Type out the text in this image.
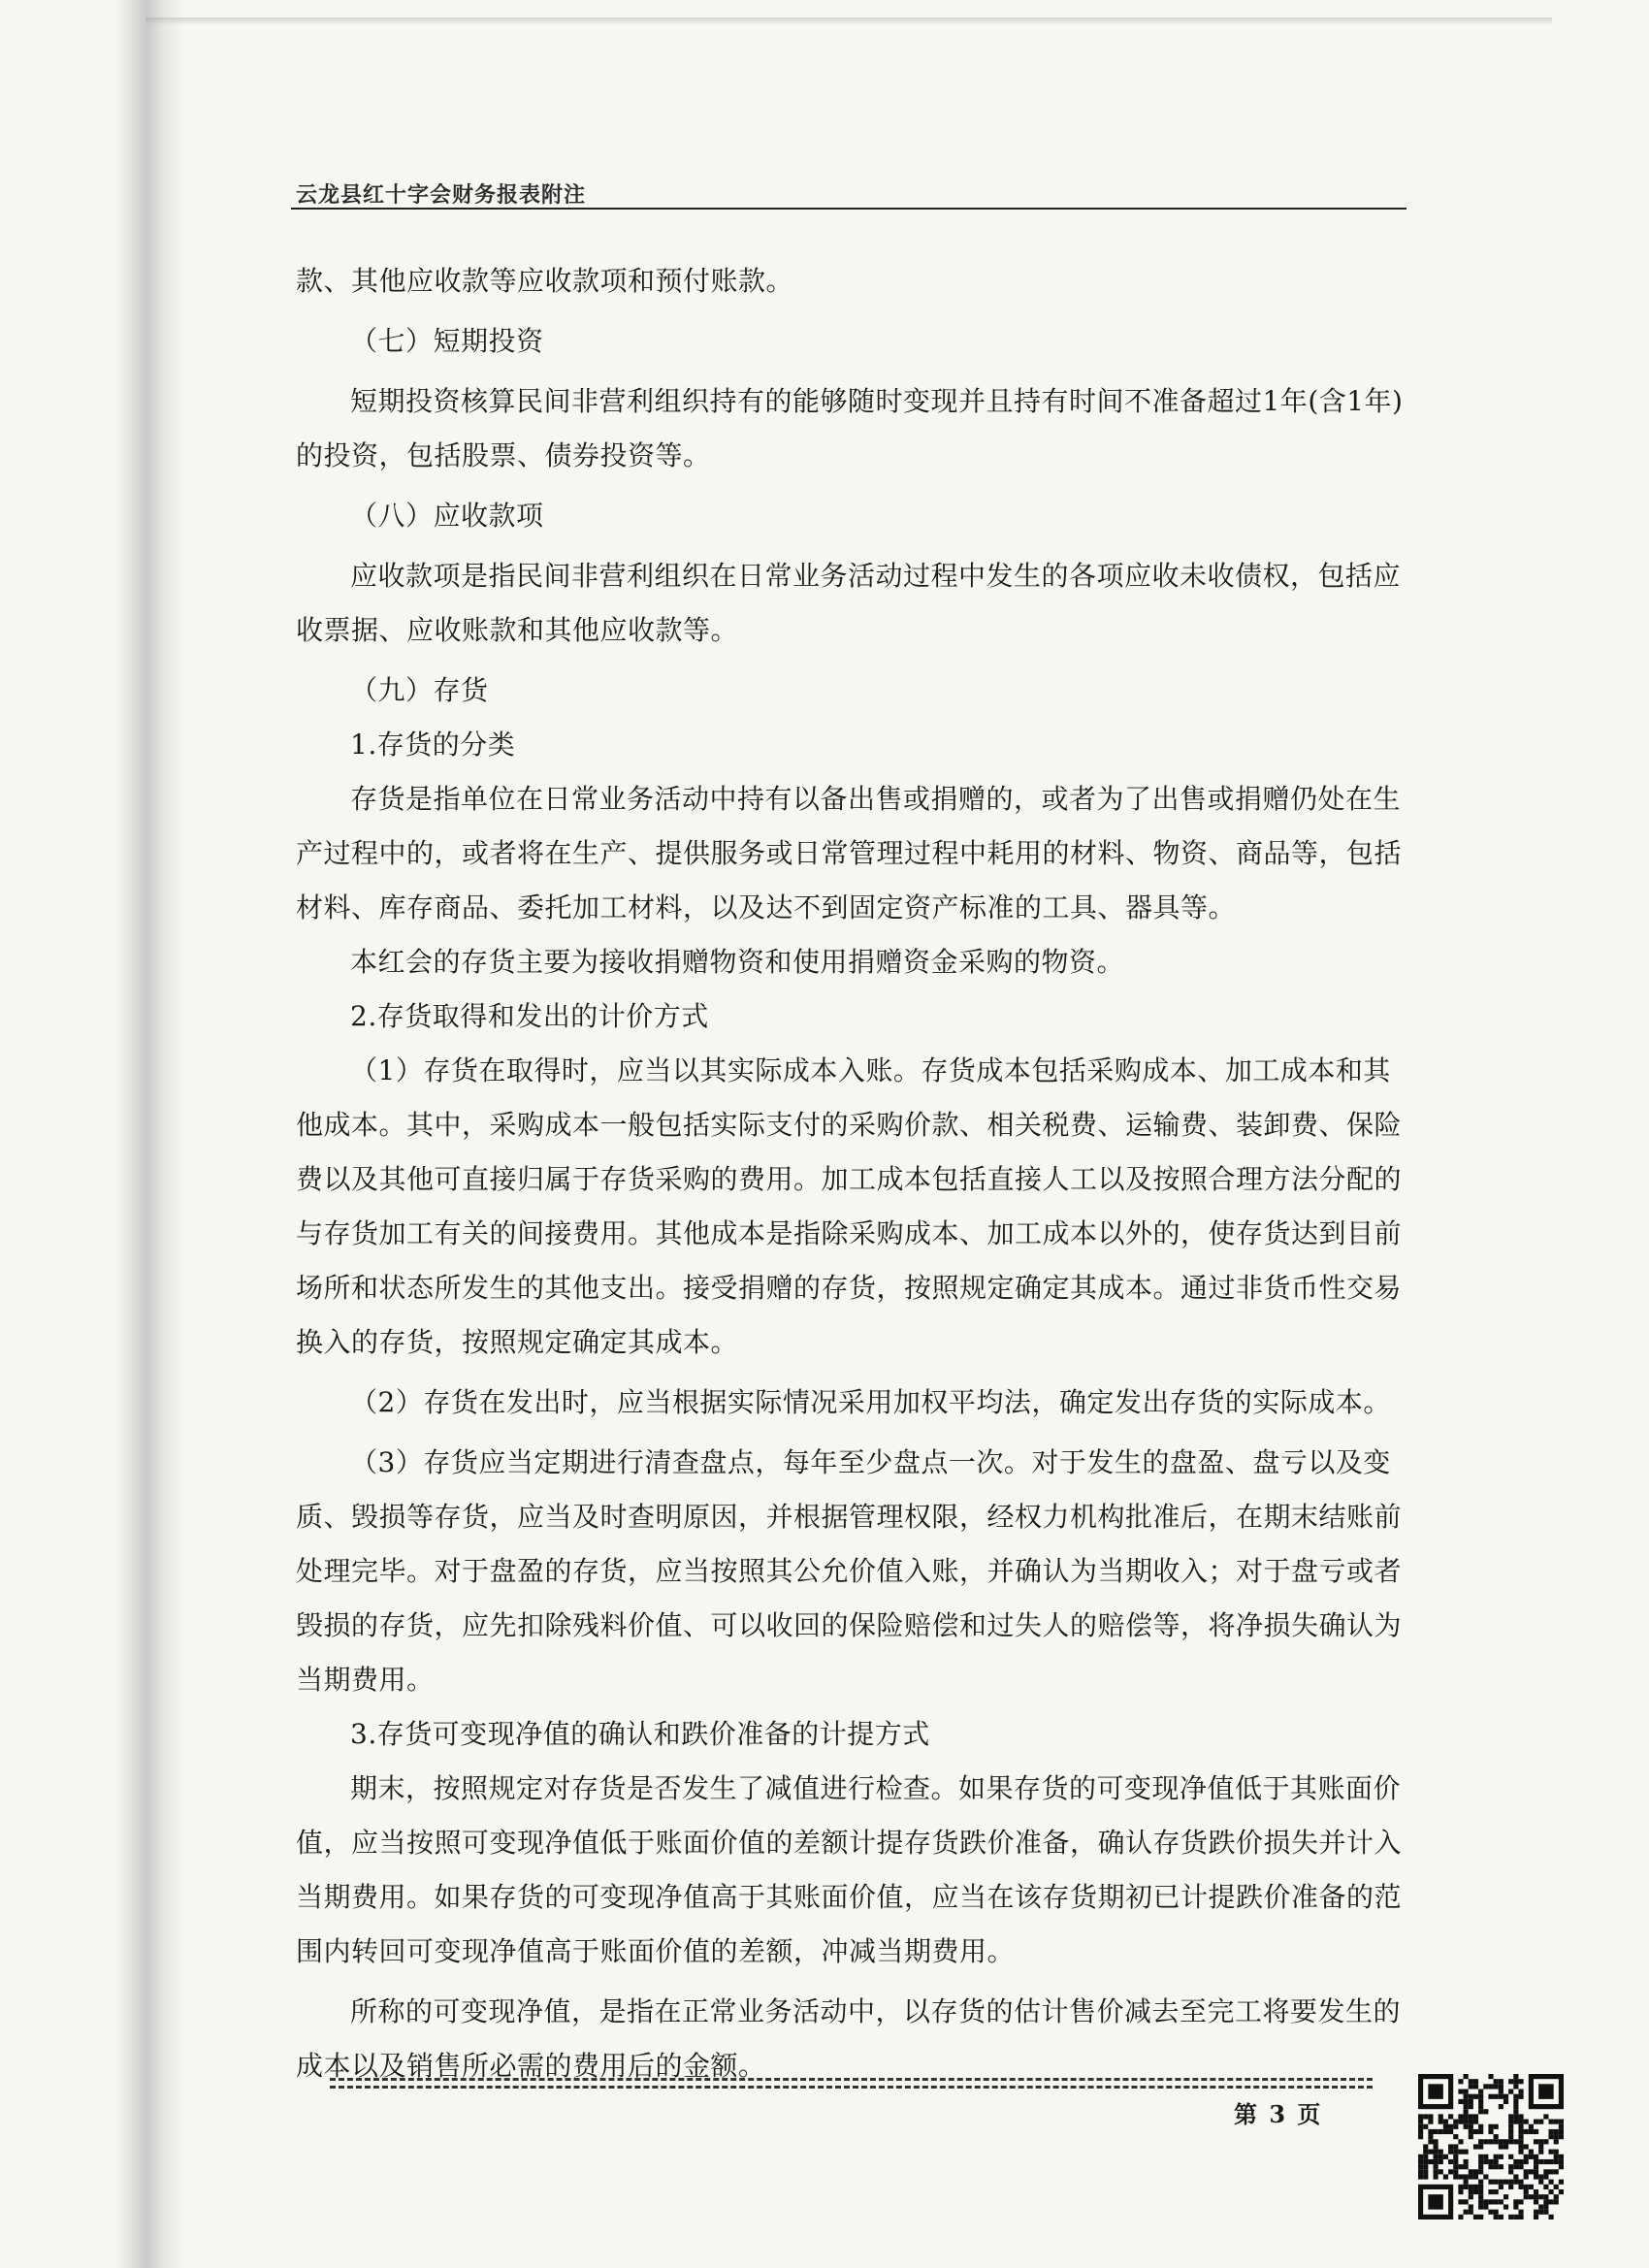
云龙县红十字会财务报表附注

款、其他应收款等应收款项和预付账款。

（七）短期投资

短期投资核算民间非营利组织持有的能够随时变现并且持有时间不准备超过1年(含1年)的投资，包括股票、债券投资等。

（八）应收款项

应收款项是指民间非营利组织在日常业务活动过程中发生的各项应收未收债权，包括应收票据、应收账款和其他应收款等。

（九）存货

1.存货的分类

存货是指单位在日常业务活动中持有以备出售或捐赠的，或者为了出售或捐赠仍处在生产过程中的，或者将在生产、提供服务或日常管理过程中耗用的材料、物资、商品等，包括材料、库存商品、委托加工材料，以及达不到固定资产标准的工具、器具等。

本红会的存货主要为接收捐赠物资和使用捐赠资金采购的物资。

2.存货取得和发出的计价方式

（1）存货在取得时，应当以其实际成本入账。存货成本包括采购成本、加工成本和其他成本。其中，采购成本一般包括实际支付的采购价款、相关税费、运输费、装卸费、保险费以及其他可直接归属于存货采购的费用。加工成本包括直接人工以及按照合理方法分配的与存货加工有关的间接费用。其他成本是指除采购成本、加工成本以外的，使存货达到目前场所和状态所发生的其他支出。接受捐赠的存货，按照规定确定其成本。通过非货币性交易换入的存货，按照规定确定其成本。

（2）存货在发出时，应当根据实际情况采用加权平均法，确定发出存货的实际成本。

（3）存货应当定期进行清查盘点，每年至少盘点一次。对于发生的盘盈、盘亏以及变质、毁损等存货，应当及时查明原因，并根据管理权限，经权力机构批准后，在期末结账前处理完毕。对于盘盈的存货，应当按照其公允价值入账，并确认为当期收入；对于盘亏或者毁损的存货，应先扣除残料价值、可以收回的保险赔偿和过失人的赔偿等，将净损失确认为当期费用。

3.存货可变现净值的确认和跌价准备的计提方式

期末，按照规定对存货是否发生了减值进行检查。如果存货的可变现净值低于其账面价值，应当按照可变现净值低于账面价值的差额计提存货跌价准备，确认存货跌价损失并计入当期费用。如果存货的可变现净值高于其账面价值，应当在该存货期初已计提跌价准备的范围内转回可变现净值高于账面价值的差额，冲减当期费用。

所称的可变现净值，是指在正常业务活动中，以存货的估计售价减去至完工将要发生的成本以及销售所必需的费用后的金额。

第 3 页
